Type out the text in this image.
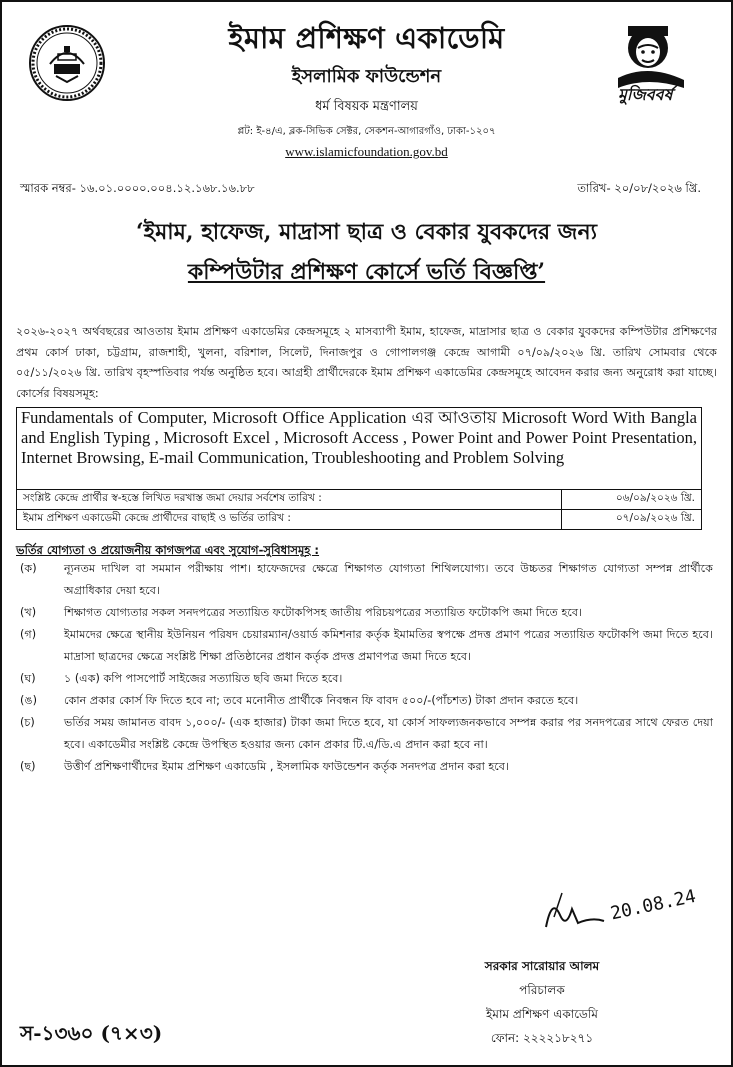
মুজিববর্ষ
ইমাম প্রশিক্ষণ একাডেমি
ইসলামিক ফাউন্ডেশন
ধর্ম বিষয়ক মন্ত্রণালয়
প্লট: ই-৪/এ, ব্লক-সিভিক সেক্টর, সেকশন-আগারগাঁও, ঢাকা-১২০৭
www.islamicfoundation.gov.bd
স্মারক নম্বর- ১৬.০১.০০০০.০০৪.১২.১৬৮.১৬.৮৮	তারিখ- ২০/০৮/২০২৬ খ্রি.
‘ইমাম, হাফেজ, মাদ্রাসা ছাত্র ও বেকার যুবকদের জন্য
কম্পিউটার প্রশিক্ষণ কোর্সে ভর্তি বিজ্ঞপ্তি’
২০২৬-২০২৭ অর্থবছরের আওতায় ইমাম প্রশিক্ষণ একাডেমির কেন্দ্রসমূহে ২ মাসব্যাপী ইমাম, হাফেজ, মাদ্রাসার ছাত্র ও বেকার যুবকদের কম্পিউটার প্রশিক্ষণের প্রথম কোর্স ঢাকা, চট্টগ্রাম, রাজশাহী, খুলনা, বরিশাল, সিলেট, দিনাজপুর ও গোপালগঞ্জ কেন্দ্রে আগামী ০৭/০৯/২০২৬ খ্রি. তারিখ সোমবার থেকে ০৫/১১/২০২৬ খ্রি. তারিখ বৃহস্পতিবার পর্যন্ত অনুষ্ঠিত হবে। আগ্রহী প্রার্থীদেরকে ইমাম প্রশিক্ষণ একাডেমির কেন্দ্রসমূহে আবেদন করার জন্য অনুরোধ করা যাচ্ছে। কোর্সের বিষয়সমূহ:
Fundamentals of Computer, Microsoft Office Application এর আওতায় Microsoft Word With Bangla and English Typing , Microsoft Excel , Microsoft Access , Power Point and Power Point Presentation, Internet Browsing, E-mail Communication, Troubleshooting and Problem Solving
সংশ্লিষ্ট কেন্দ্রে প্রার্থীর স্ব-হস্তে লিখিত দরখাস্ত জমা দেয়ার সর্বশেষ তারিখ :	০৬/০৯/২০২৬ খ্রি.
ইমাম প্রশিক্ষণ একাডেমী কেন্দ্রে প্রার্থীদের বাছাই ও ভর্তির তারিখ :	০৭/০৯/২০২৬ খ্রি.
ভর্তির যোগ্যতা ও প্রয়োজনীয় কাগজপত্র এবং সুযোগ-সুবিধাসমূহ :
(ক) ন্যূনতম দাখিল বা সমমান পরীক্ষায় পাশ। হাফেজদের ক্ষেত্রে শিক্ষাগত যোগ্যতা শিথিলযোগ্য। তবে উচ্চতর শিক্ষাগত যোগ্যতা সম্পন্ন প্রার্থীকে অগ্রাধিকার দেয়া হবে।
(খ) শিক্ষাগত যোগ্যতার সকল সনদপত্রের সত্যায়িত ফটোকপিসহ জাতীয় পরিচয়পত্রের সত্যায়িত ফটোকপি জমা দিতে হবে।
(গ) ইমামদের ক্ষেত্রে স্থানীয় ইউনিয়ন পরিষদ চেয়ারম্যান/ওয়ার্ড কমিশনার কর্তৃক ইমামতির স্বপক্ষে প্রদত্ত প্রমাণ পত্রের সত্যায়িত ফটোকপি জমা দিতে হবে। মাদ্রাসা ছাত্রদের ক্ষেত্রে সংশ্লিষ্ট শিক্ষা প্রতিষ্ঠানের প্রধান কর্তৃক প্রদত্ত প্রমাণপত্র জমা দিতে হবে।
(ঘ)	১ (এক) কপি পাসপোর্ট সাইজের সত্যায়িত ছবি জমা দিতে হবে।
(ঙ) কোন প্রকার কোর্স ফি দিতে হবে না; তবে মনোনীত প্রার্থীকে নিবন্ধন ফি বাবদ ৫০০/-(পাঁচশত) টাকা প্রদান করতে হবে।
(চ)	ভর্তির সময় জামানত বাবদ ১,০০০/- (এক হাজার) টাকা জমা দিতে হবে, যা কোর্স সাফল্যজনকভাবে সম্পন্ন করার পর সনদপত্রের সাথে ফেরত দেয়া হবে। একাডেমীর সংশ্লিষ্ট কেন্দ্রে উপস্থিত হওয়ার জন্য কোন প্রকার টি.এ/ডি.এ প্রদান করা হবে না।
(ছ)	উত্তীর্ণ প্রশিক্ষণার্থীদের ইমাম প্রশিক্ষণ একাডেমি , ইসলামিক ফাউন্ডেশন কর্তৃক সনদপত্র প্রদান করা হবে।
20.08.24
সরকার সারোয়ার আলম
পরিচালক
ইমাম প্রশিক্ষণ একাডেমি
ফোন: ২২২২১৮২৭১
স-১৩৬০ (৭×৩)
